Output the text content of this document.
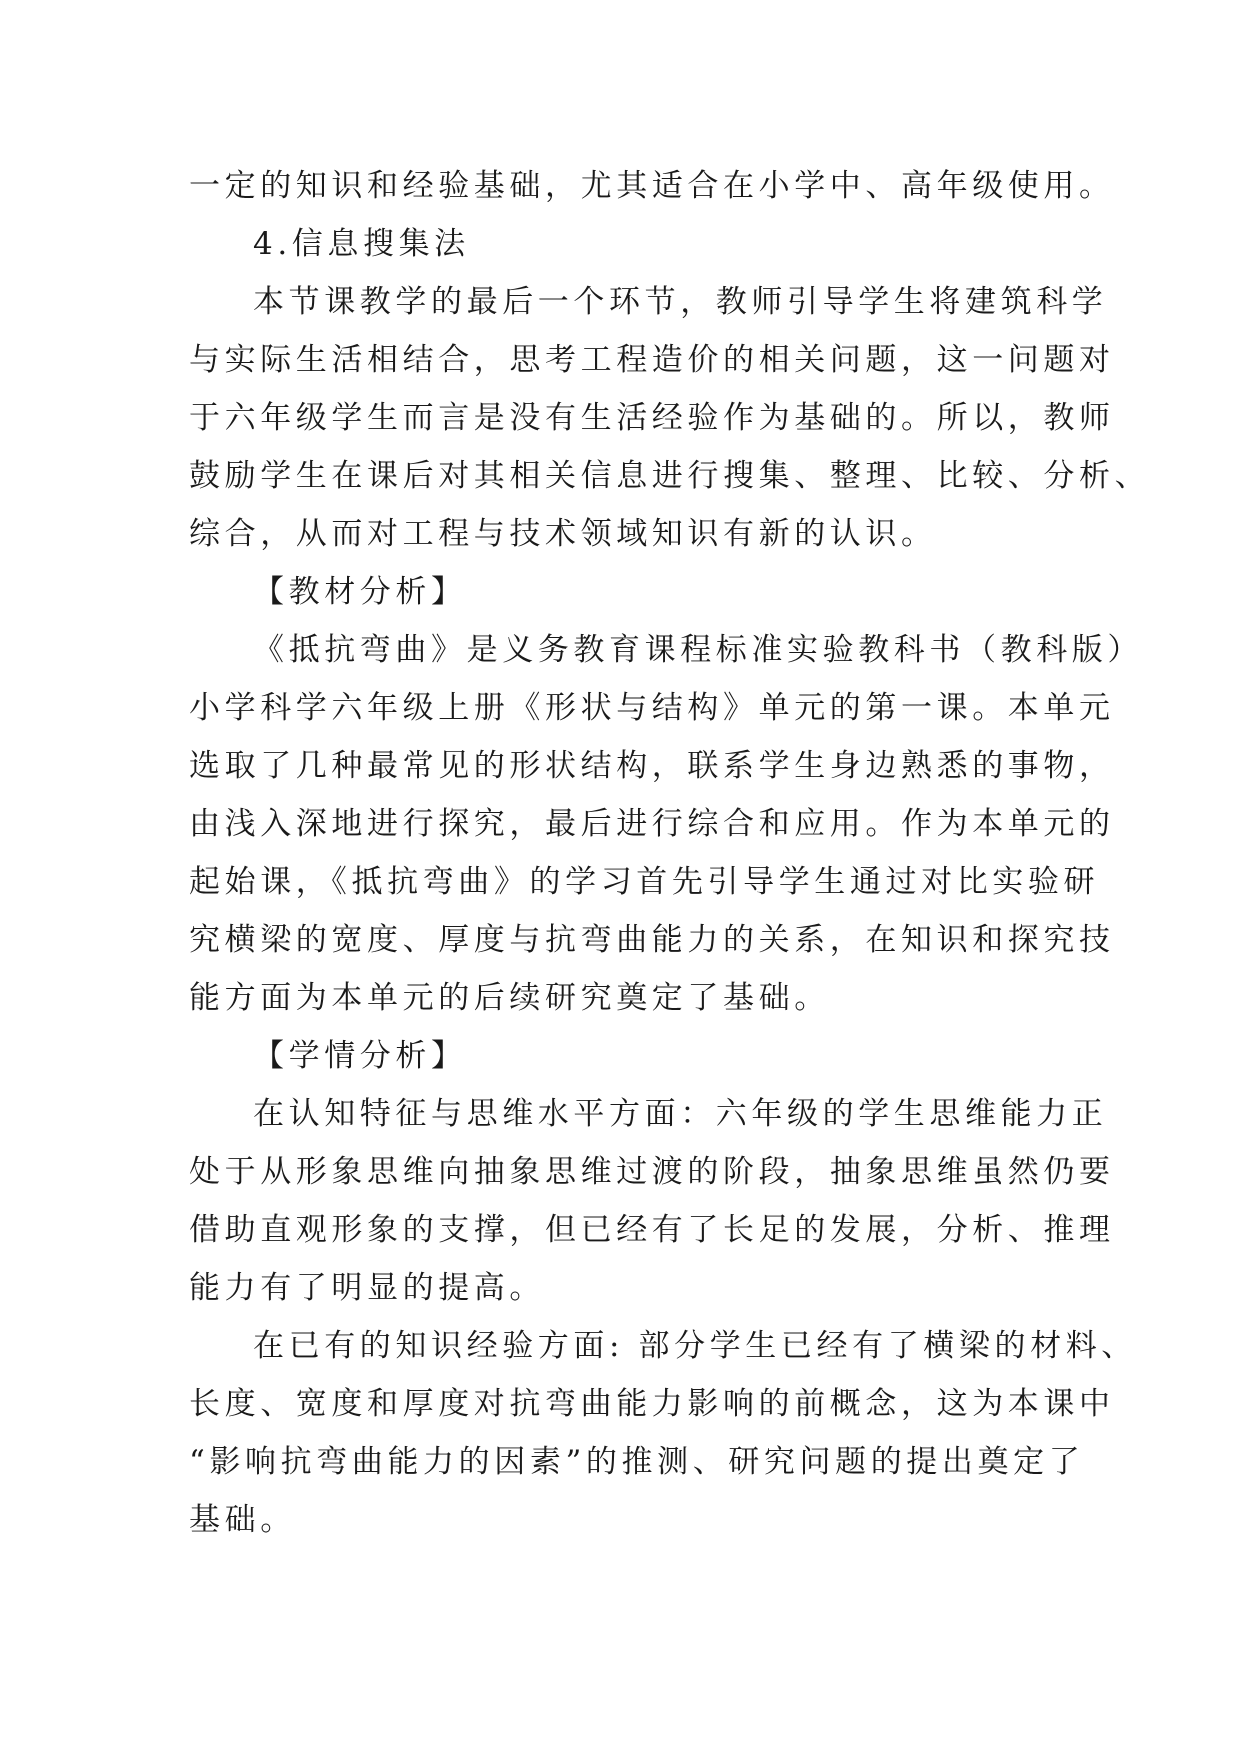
一定的知识和经验基础，尤其适合在小学中、高年级使用。
4.信息搜集法
本节课教学的最后一个环节，教师引导学生将建筑科学
与实际生活相结合，思考工程造价的相关问题，这一问题对
于六年级学生而言是没有生活经验作为基础的。所以，教师
鼓励学生在课后对其相关信息进行搜集、整理、比较、分析、
综合，从而对工程与技术领域知识有新的认识。
【教材分析】
《抵抗弯曲》是义务教育课程标准实验教科书（教科版）
小学科学六年级上册《形状与结构》单元的第一课。本单元
选取了几种最常见的形状结构，联系学生身边熟悉的事物，
由浅入深地进行探究，最后进行综合和应用。作为本单元的
起始课，《抵抗弯曲》的学习首先引导学生通过对比实验研
究横梁的宽度、厚度与抗弯曲能力的关系，在知识和探究技
能方面为本单元的后续研究奠定了基础。
【学情分析】
在认知特征与思维水平方面：六年级的学生思维能力正
处于从形象思维向抽象思维过渡的阶段，抽象思维虽然仍要
借助直观形象的支撑，但已经有了长足的发展，分析、推理
能力有了明显的提高。
在已有的知识经验方面: 部分学生已经有了横梁的材料、
长度、宽度和厚度对抗弯曲能力影响的前概念，这为本课中
“影响抗弯曲能力的因素”的推测、研究问题的提出奠定了
基础。
